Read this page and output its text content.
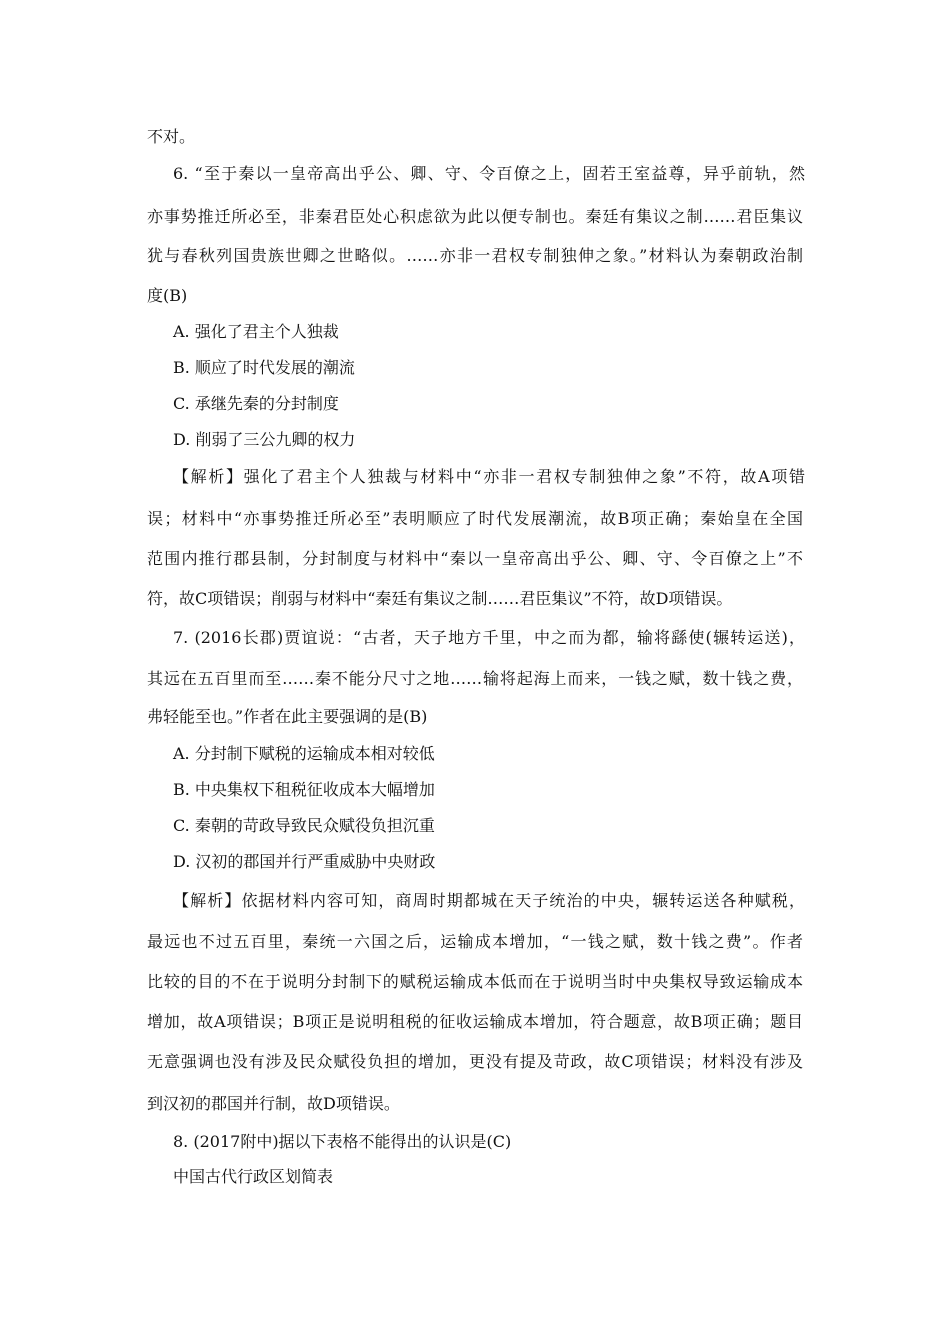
不对。
6. “至于秦以一皇帝高出乎公、卿、守、令百僚之上，固若王室益尊，异乎前轨，然
亦事势推迁所必至，非秦君臣处心积虑欲为此以便专制也。秦廷有集议之制……君臣集议
犹与春秋列国贵族世卿之世略似。……亦非一君权专制独伸之象。”材料认为秦朝政治制
度(B)
A. 强化了君主个人独裁
B. 顺应了时代发展的潮流
C. 承继先秦的分封制度
D. 削弱了三公九卿的权力
【解析】强化了君主个人独裁与材料中“亦非一君权专制独伸之象”不符，故A项错
误；材料中“亦事势推迁所必至”表明顺应了时代发展潮流，故B项正确；秦始皇在全国
范围内推行郡县制，分封制度与材料中“秦以一皇帝高出乎公、卿、守、令百僚之上”不
符，故C项错误；削弱与材料中“秦廷有集议之制……君臣集议”不符，故D项错误。
7. (2016长郡)贾谊说：“古者，天子地方千里，中之而为都，输将繇使(辗转运送)，
其远在五百里而至……秦不能分尺寸之地……输将起海上而来，一钱之赋，数十钱之费，
弗轻能至也。”作者在此主要强调的是(B)
A. 分封制下赋税的运输成本相对较低
B. 中央集权下租税征收成本大幅增加
C. 秦朝的苛政导致民众赋役负担沉重
D. 汉初的郡国并行严重威胁中央财政
【解析】依据材料内容可知，商周时期都城在天子统治的中央，辗转运送各种赋税，
最远也不过五百里，秦统一六国之后，运输成本增加，“一钱之赋，数十钱之费”。作者
比较的目的不在于说明分封制下的赋税运输成本低而在于说明当时中央集权导致运输成本
增加，故A项错误；B项正是说明租税的征收运输成本增加，符合题意，故B项正确；题目
无意强调也没有涉及民众赋役负担的增加，更没有提及苛政，故C项错误；材料没有涉及
到汉初的郡国并行制，故D项错误。
8. (2017附中)据以下表格不能得出的认识是(C)
中国古代行政区划简表
